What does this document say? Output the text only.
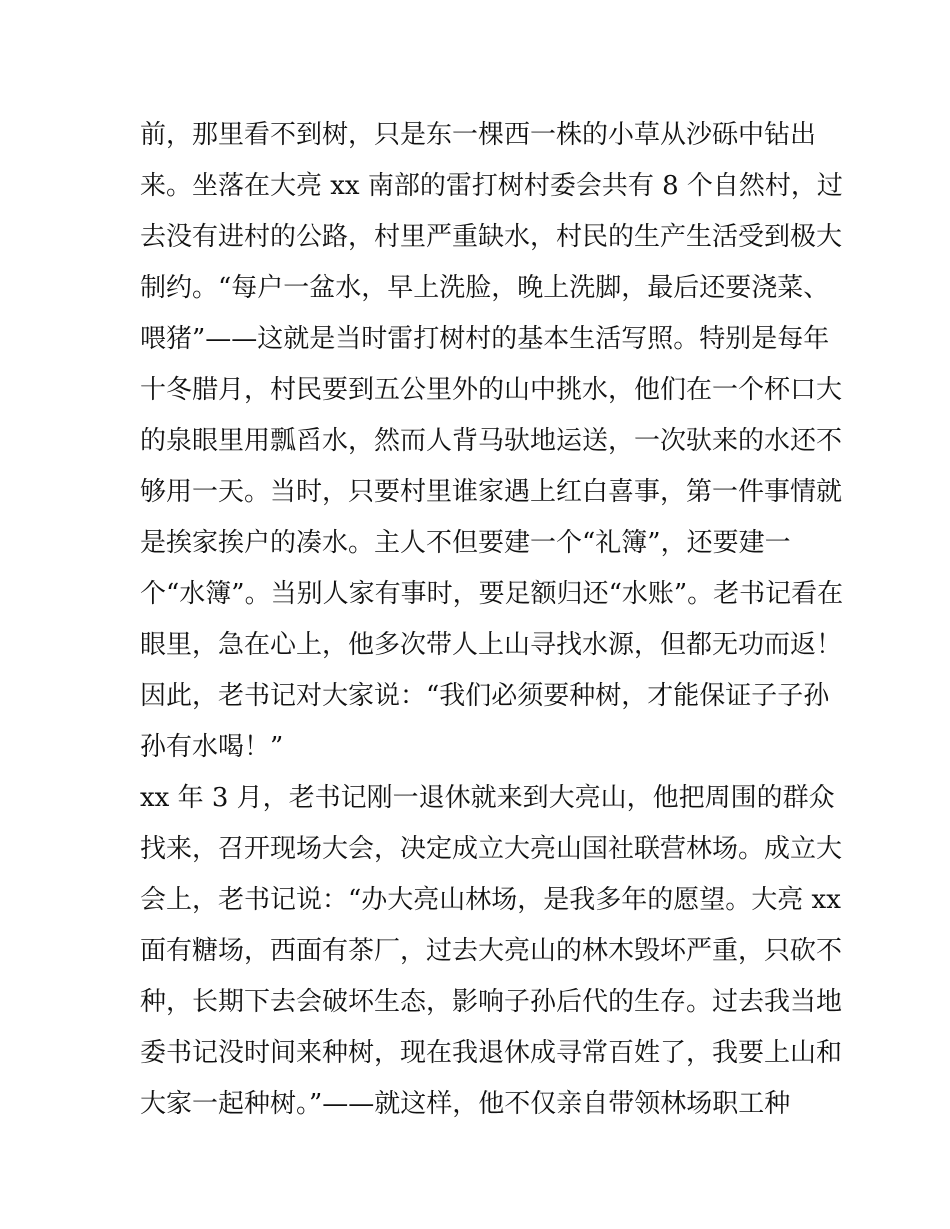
前，那里看不到树，只是东一棵西一株的小草从沙砾中钻出
来。坐落在大亮 xx 南部的雷打树村委会共有 8 个自然村，过
去没有进村的公路，村里严重缺水，村民的生产生活受到极大
制约。“每户一盆水，早上洗脸，晚上洗脚，最后还要浇菜、
喂猪”——这就是当时雷打树村的基本生活写照。特别是每年
十冬腊月，村民要到五公里外的山中挑水，他们在一个杯口大
的泉眼里用瓢舀水，然而人背马驮地运送，一次驮来的水还不
够用一天。当时，只要村里谁家遇上红白喜事，第一件事情就
是挨家挨户的凑水。主人不但要建一个“礼簿”，还要建一
个“水簿”。当别人家有事时，要足额归还“水账”。老书记看在
眼里，急在心上，他多次带人上山寻找水源，但都无功而返！
因此，老书记对大家说：“我们必须要种树，才能保证子子孙
孙有水喝！”
xx 年 3 月，老书记刚一退休就来到大亮山，他把周围的群众
找来，召开现场大会，决定成立大亮山国社联营林场。成立大
会上，老书记说：“办大亮山林场，是我多年的愿望。大亮 xx
面有糖场，西面有茶厂，过去大亮山的林木毁坏严重，只砍不
种，长期下去会破坏生态，影响子孙后代的生存。过去我当地
委书记没时间来种树，现在我退休成寻常百姓了，我要上山和
大家一起种树。”——就这样，他不仅亲自带领林场职工种
